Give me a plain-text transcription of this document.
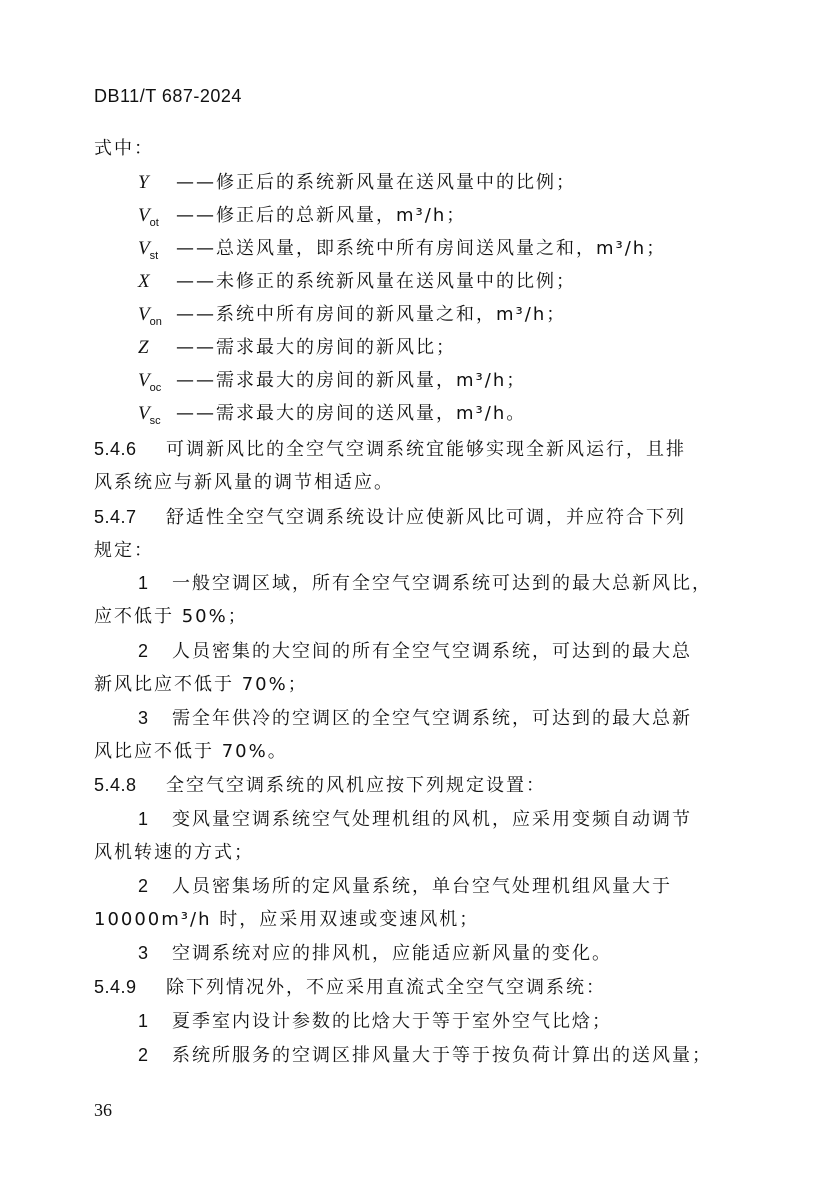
DB11/T 687-2024
式中：
Y ——修正后的系统新风量在送风量中的比例；
$V_{ot}$ ——修正后的总新风量，m³/h；
$V_{st}$ ——总送风量，即系统中所有房间送风量之和，m³/h；
X ——未修正的系统新风量在送风量中的比例；
$V_{on}$ ——系统中所有房间的新风量之和，m³/h；
Z ——需求最大的房间的新风比；
$V_{oc}$ ——需求最大的房间的新风量，m³/h；
$V_{sc}$ ——需求最大的房间的送风量，m³/h。
5.4.6 可调新风比的全空气空调系统宜能够实现全新风运行，且排
风系统应与新风量的调节相适应。
5.4.7 舒适性全空气空调系统设计应使新风比可调，并应符合下列
规定：
1 一般空调区域，所有全空气空调系统可达到的最大总新风比，
应不低于 50%；
2 人员密集的大空间的所有全空气空调系统，可达到的最大总
新风比应不低于 70%；
3 需全年供冷的空调区的全空气空调系统，可达到的最大总新
风比应不低于 70%。
5.4.8 全空气空调系统的风机应按下列规定设置：
1 变风量空调系统空气处理机组的风机，应采用变频自动调节
风机转速的方式；
2 人员密集场所的定风量系统，单台空气处理机组风量大于
10000m³/h 时，应采用双速或变速风机；
3 空调系统对应的排风机，应能适应新风量的变化。
5.4.9 除下列情况外，不应采用直流式全空气空调系统：
1 夏季室内设计参数的比焓大于等于室外空气比焓；
2 系统所服务的空调区排风量大于等于按负荷计算出的送风量；
36
